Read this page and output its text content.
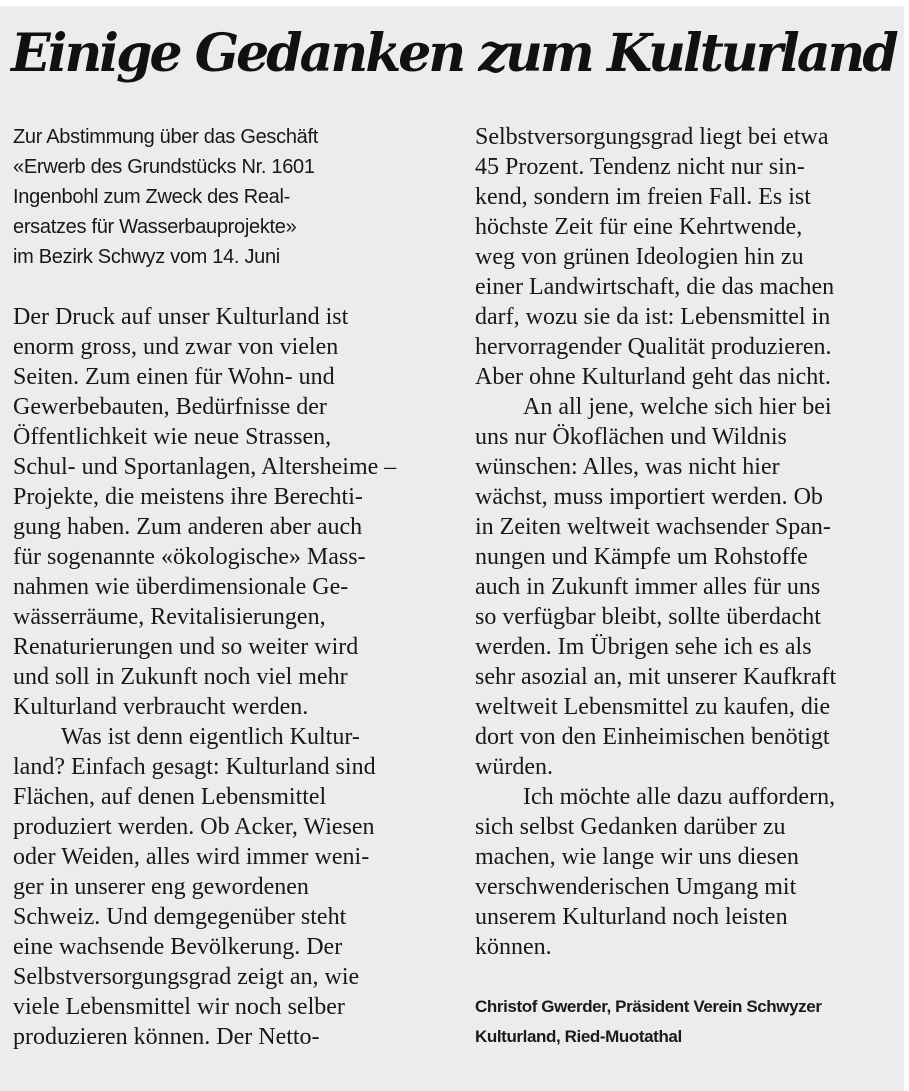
Einige Gedanken zum Kulturland
Zur Abstimmung über das Geschäft
«Erwerb des Grundstücks Nr. 1601
Ingenbohl zum Zweck des Real-
ersatzes für Wasserbauprojekte»
im Bezirk Schwyz vom 14. Juni
Der Druck auf unser Kulturland ist
enorm gross, und zwar von vielen
Seiten. Zum einen für Wohn- und
Gewerbebauten, Bedürfnisse der
Öffentlichkeit wie neue Strassen,
Schul- und Sportanlagen, Altersheime –
Projekte, die meistens ihre Berechti-
gung haben. Zum anderen aber auch
für sogenannte «ökologische» Mass-
nahmen wie überdimensionale Ge-
wässerräume, Revitalisierungen,
Renaturierungen und so weiter wird
und soll in Zukunft noch viel mehr
Kulturland verbraucht werden.
Was ist denn eigentlich Kultur-
land? Einfach gesagt: Kulturland sind
Flächen, auf denen Lebensmittel
produziert werden. Ob Acker, Wiesen
oder Weiden, alles wird immer weni-
ger in unserer eng gewordenen
Schweiz. Und demgegenüber steht
eine wachsende Bevölkerung. Der
Selbstversorgungsgrad zeigt an, wie
viele Lebensmittel wir noch selber
produzieren können. Der Netto-
Selbstversorgungsgrad liegt bei etwa
45 Prozent. Tendenz nicht nur sin-
kend, sondern im freien Fall. Es ist
höchste Zeit für eine Kehrtwende,
weg von grünen Ideologien hin zu
einer Landwirtschaft, die das machen
darf, wozu sie da ist: Lebensmittel in
hervorragender Qualität produzieren.
Aber ohne Kulturland geht das nicht.
An all jene, welche sich hier bei
uns nur Ökoflächen und Wildnis
wünschen: Alles, was nicht hier
wächst, muss importiert werden. Ob
in Zeiten weltweit wachsender Span-
nungen und Kämpfe um Rohstoffe
auch in Zukunft immer alles für uns
so verfügbar bleibt, sollte überdacht
werden. Im Übrigen sehe ich es als
sehr asozial an, mit unserer Kaufkraft
weltweit Lebensmittel zu kaufen, die
dort von den Einheimischen benötigt
würden.
Ich möchte alle dazu auffordern,
sich selbst Gedanken darüber zu
machen, wie lange wir uns diesen
verschwenderischen Umgang mit
unserem Kulturland noch leisten
können.
Christof Gwerder, Präsident Verein Schwyzer
Kulturland, Ried-Muotathal
